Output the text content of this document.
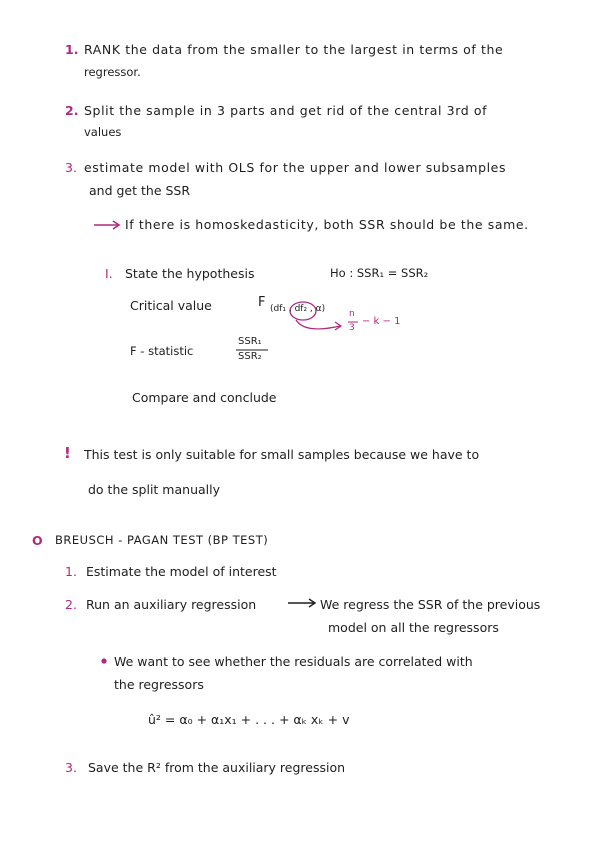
1. RANK the data from the smaller to the largest in terms of the
regressor.
2. Split the sample in 3 parts and get rid of the central 3rd of
values
3. estimate model with OLS for the upper and lower subsamples
and get the SSR
If there is homoskedasticity, both SSR should be the same.
I. State the hypothesis	Ho : SSR₁ = SSR₂
Critical value	F (df₁ , df₂ , α)	n
3
− k − 1
F - statistic
SSR₁
SSR₂
Compare and conclude
! This test is only suitable for small samples because we have to
do the split manually
O BREUSCH - PAGAN TEST (BP TEST)
1. Estimate the model of interest
2. Run an auxiliary regression	We regress the SSR of the previous
model on all the regressors
We want to see whether the residuals are correlated with
the regressors
û² = α₀ + α₁x₁ + . . . + αₖ xₖ + v
3. Save the R² from the auxiliary regression
